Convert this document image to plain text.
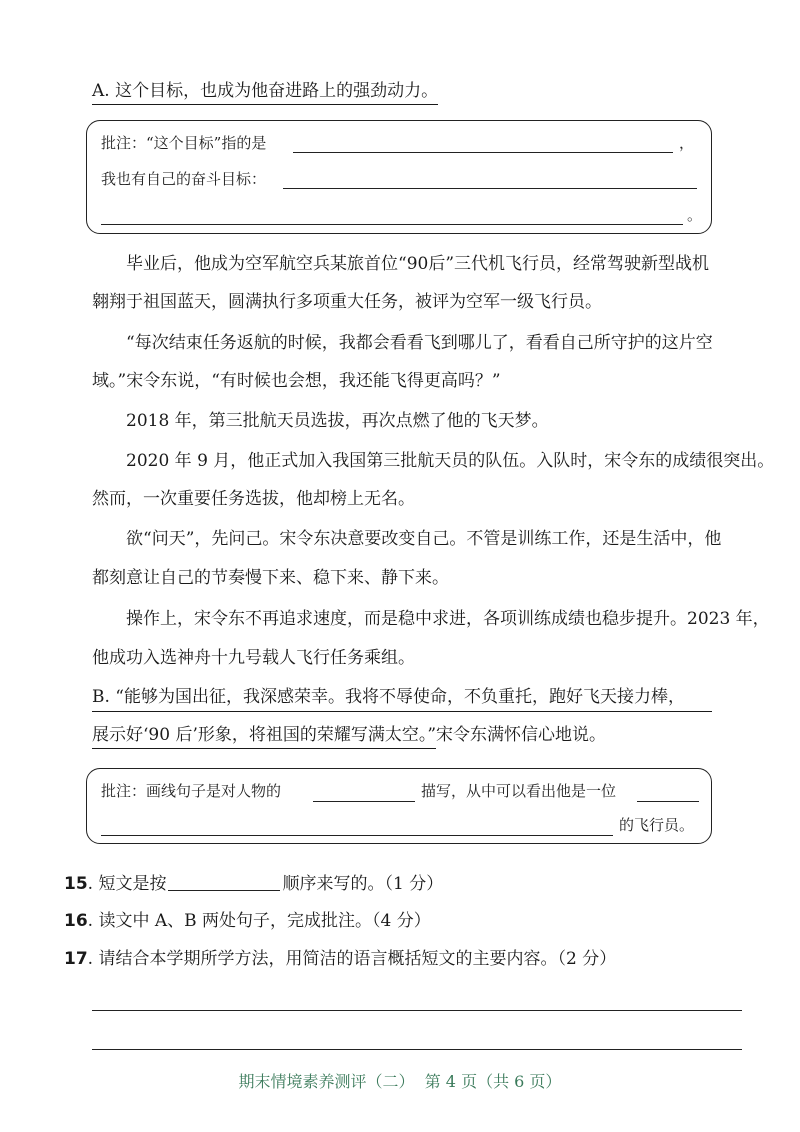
A. 这个目标，也成为他奋进路上的强劲动力。
批注：“这个目标”指的是	，
我也有自己的奋斗目标：
。
毕业后，他成为空军航空兵某旅首位“90后”三代机飞行员，经常驾驶新型战机
翱翔于祖国蓝天，圆满执行多项重大任务，被评为空军一级飞行员。
“每次结束任务返航的时候，我都会看看飞到哪儿了，看看自己所守护的这片空
域。”宋令东说，“有时候也会想，我还能飞得更高吗？”
2018 年，第三批航天员选拔，再次点燃了他的飞天梦。
2020 年 9 月，他正式加入我国第三批航天员的队伍。入队时，宋令东的成绩很突出。
然而，一次重要任务选拔，他却榜上无名。
欲“问天”，先问己。宋令东决意要改变自己。不管是训练工作，还是生活中，他
都刻意让自己的节奏慢下来、稳下来、静下来。
操作上，宋令东不再追求速度，而是稳中求进，各项训练成绩也稳步提升。2023 年，
他成功入选神舟十九号载人飞行任务乘组。
B. “能够为国出征，我深感荣幸。我将不辱使命，不负重托，跑好飞天接力棒，
展示好‘90 后’形象，将祖国的荣耀写满太空。”宋令东满怀信心地说。
批注：画线句子是对人物的	描写，从中可以看出他是一位
的飞行员。
15. 短文是按	顺序来写的。（1 分）
16. 读文中 A、B 两处句子，完成批注。（4 分）
17. 请结合本学期所学方法，用简洁的语言概括短文的主要内容。（2 分）
期末情境素养测评（二）  第 4 页（共 6 页）
